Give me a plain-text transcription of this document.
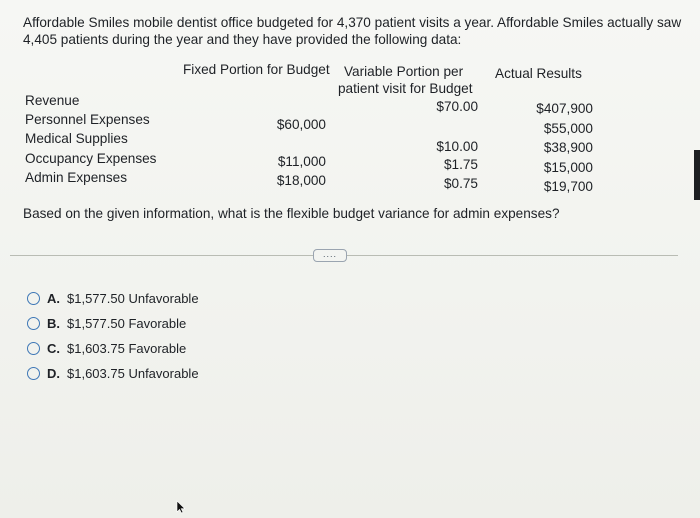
Affordable Smiles mobile dentist office budgeted for 4,370 patient visits a year. Affordable Smiles actually saw
4,405 patients during the year and they have provided the following data:
Fixed Portion for Budget Variable Portion per
patient visit for Budget
Actual Results
Revenue
Personnel Expenses
Medical Supplies
Occupancy Expenses
Admin Expenses
$60,000
$11,000
$18,000
$70.00
$10.00
$1.75
$0.75
$407,900
$55,000
$38,900
$15,000
$19,700
Based on the given information, what is the flexible budget variance for admin expenses?
....
A. $1,577.50 Unfavorable
B. $1,577.50 Favorable
C. $1,603.75 Favorable
D. $1,603.75 Unfavorable
